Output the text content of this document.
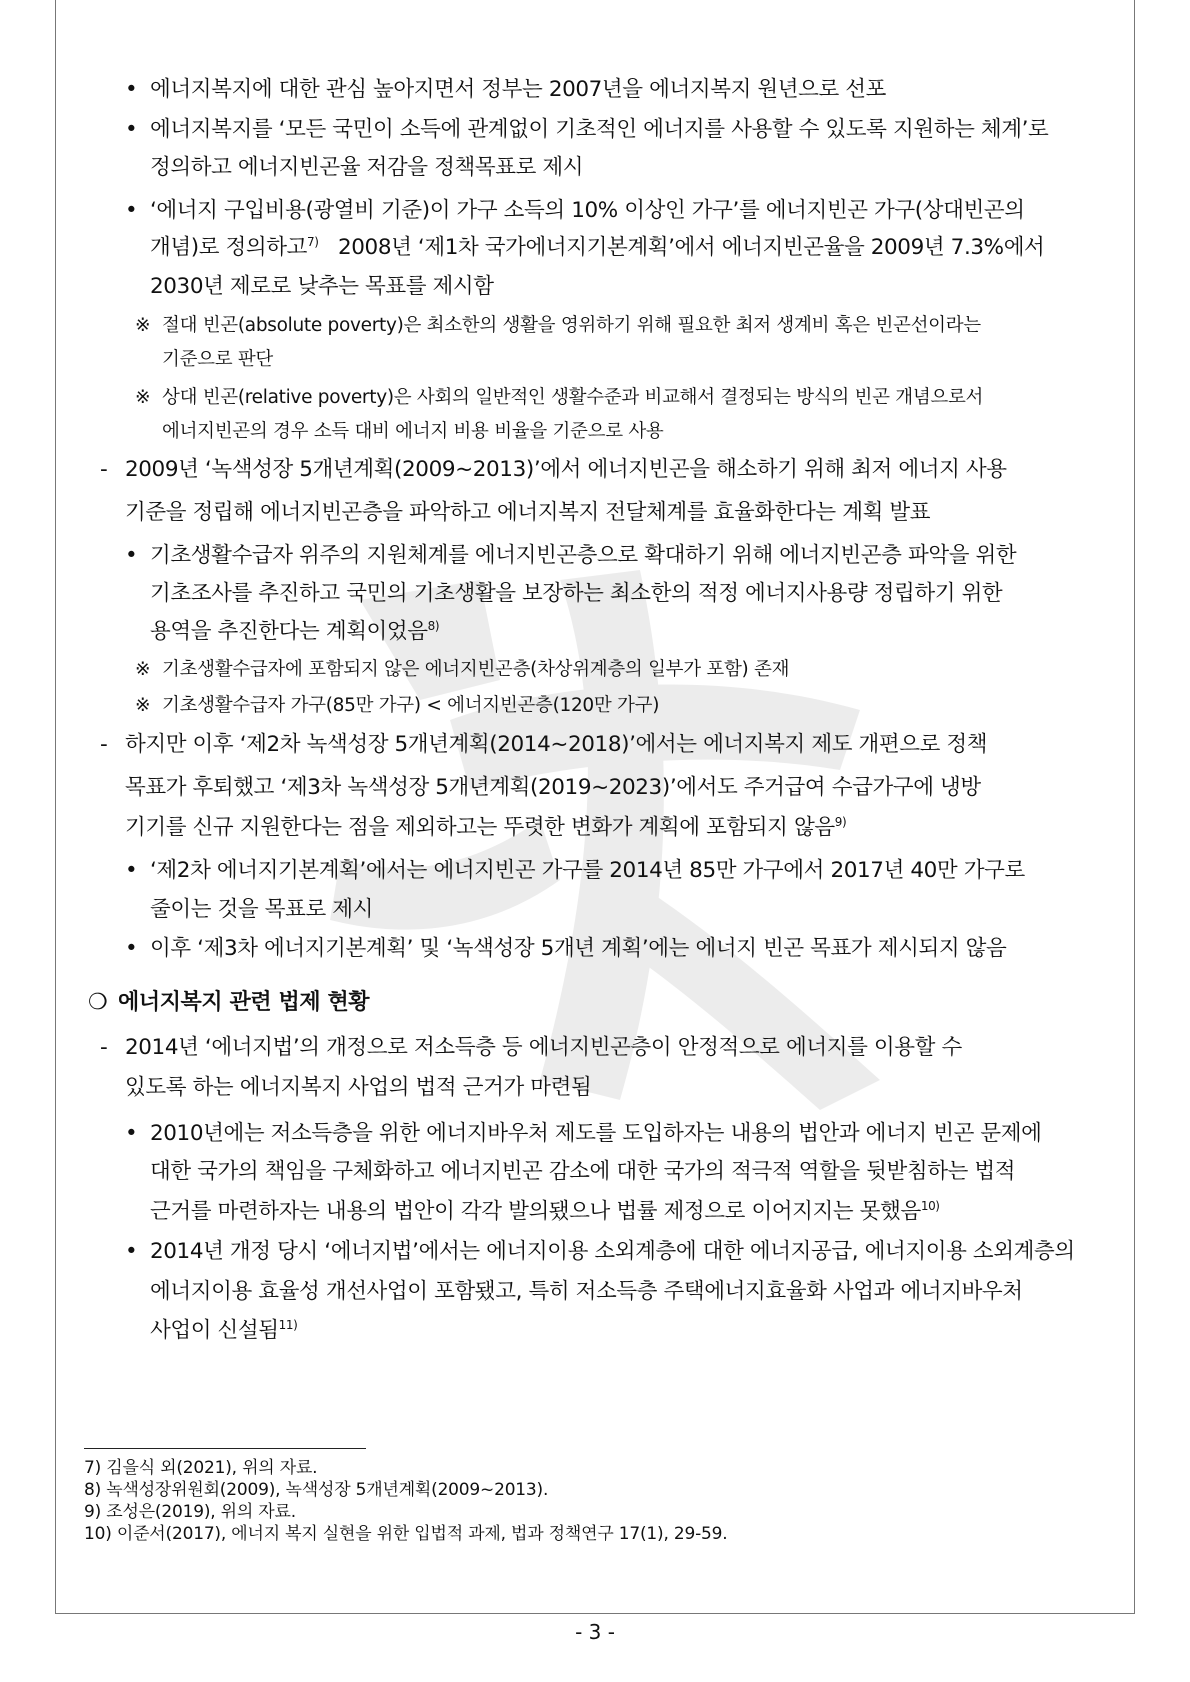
• 에너지복지에 대한 관심 높아지면서 정부는 2007년을 에너지복지 원년으로 선포
• 에너지복지를 ‘모든 국민이 소득에 관계없이 기초적인 에너지를 사용할 수 있도록 지원하는 체계’로
정의하고 에너지빈곤율 저감을 정책목표로 제시
• ‘에너지 구입비용(광열비 기준)이 가구 소득의 10% 이상인 가구’를 에너지빈곤 가구(상대빈곤의
개념)로 정의하고$^{7)}$ 2008년 ‘제1차 국가에너지기본계획’에서 에너지빈곤율을 2009년 7.3%에서
2030년 제로로 낮추는 목표를 제시함
※ 절대 빈곤(absolute poverty)은 최소한의 생활을 영위하기 위해 필요한 최저 생계비 혹은 빈곤선이라는
기준으로 판단
※ 상대 빈곤(relative poverty)은 사회의 일반적인 생활수준과 비교해서 결정되는 방식의 빈곤 개념으로서
에너지빈곤의 경우 소득 대비 에너지 비용 비율을 기준으로 사용
- 2009년 ‘녹색성장 5개년계획(2009~2013)’에서 에너지빈곤을 해소하기 위해 최저 에너지 사용
기준을 정립해 에너지빈곤층을 파악하고 에너지복지 전달체계를 효율화한다는 계획 발표
• 기초생활수급자 위주의 지원체계를 에너지빈곤층으로 확대하기 위해 에너지빈곤층 파악을 위한
기초조사를 추진하고 국민의 기초생활을 보장하는 최소한의 적정 에너지사용량 정립하기 위한
용역을 추진한다는 계획이었음$^{8)}$
※ 기초생활수급자에 포함되지 않은 에너지빈곤층(차상위계층의 일부가 포함) 존재
※ 기초생활수급자 가구(85만 가구) < 에너지빈곤층(120만 가구)
- 하지만 이후 ‘제2차 녹색성장 5개년계획(2014~2018)’에서는 에너지복지 제도 개편으로 정책
목표가 후퇴했고 ‘제3차 녹색성장 5개년계획(2019~2023)’에서도 주거급여 수급가구에 냉방
기기를 신규 지원한다는 점을 제외하고는 뚜렷한 변화가 계획에 포함되지 않음$^{9)}$
• ‘제2차 에너지기본계획’에서는 에너지빈곤 가구를 2014년 85만 가구에서 2017년 40만 가구로
줄이는 것을 목표로 제시
• 이후 ‘제3차 에너지기본계획’ 및 ‘녹색성장 5개년 계획’에는 에너지 빈곤 목표가 제시되지 않음
❍ 에너지복지 관련 법제 현황
- 2014년 ‘에너지법’의 개정으로 저소득층 등 에너지빈곤층이 안정적으로 에너지를 이용할 수
있도록 하는 에너지복지 사업의 법적 근거가 마련됨
• 2010년에는 저소득층을 위한 에너지바우처 제도를 도입하자는 내용의 법안과 에너지 빈곤 문제에
대한 국가의 책임을 구체화하고 에너지빈곤 감소에 대한 국가의 적극적 역할을 뒷받침하는 법적
근거를 마련하자는 내용의 법안이 각각 발의됐으나 법률 제정으로 이어지지는 못했음$^{10)}$
• 2014년 개정 당시 ‘에너지법’에서는 에너지이용 소외계층에 대한 에너지공급, 에너지이용 소외계층의
에너지이용 효율성 개선사업이 포함됐고, 특히 저소득층 주택에너지효율화 사업과 에너지바우처
사업이 신설됨$^{11)}$
7) 김을식 외(2021), 위의 자료.
8) 녹색성장위원회(2009), 녹색성장 5개년계획(2009~2013).
9) 조성은(2019), 위의 자료.
10) 이준서(2017), 에너지 복지 실현을 위한 입법적 과제, 법과 정책연구 17(1), 29-59.
- 3 -
